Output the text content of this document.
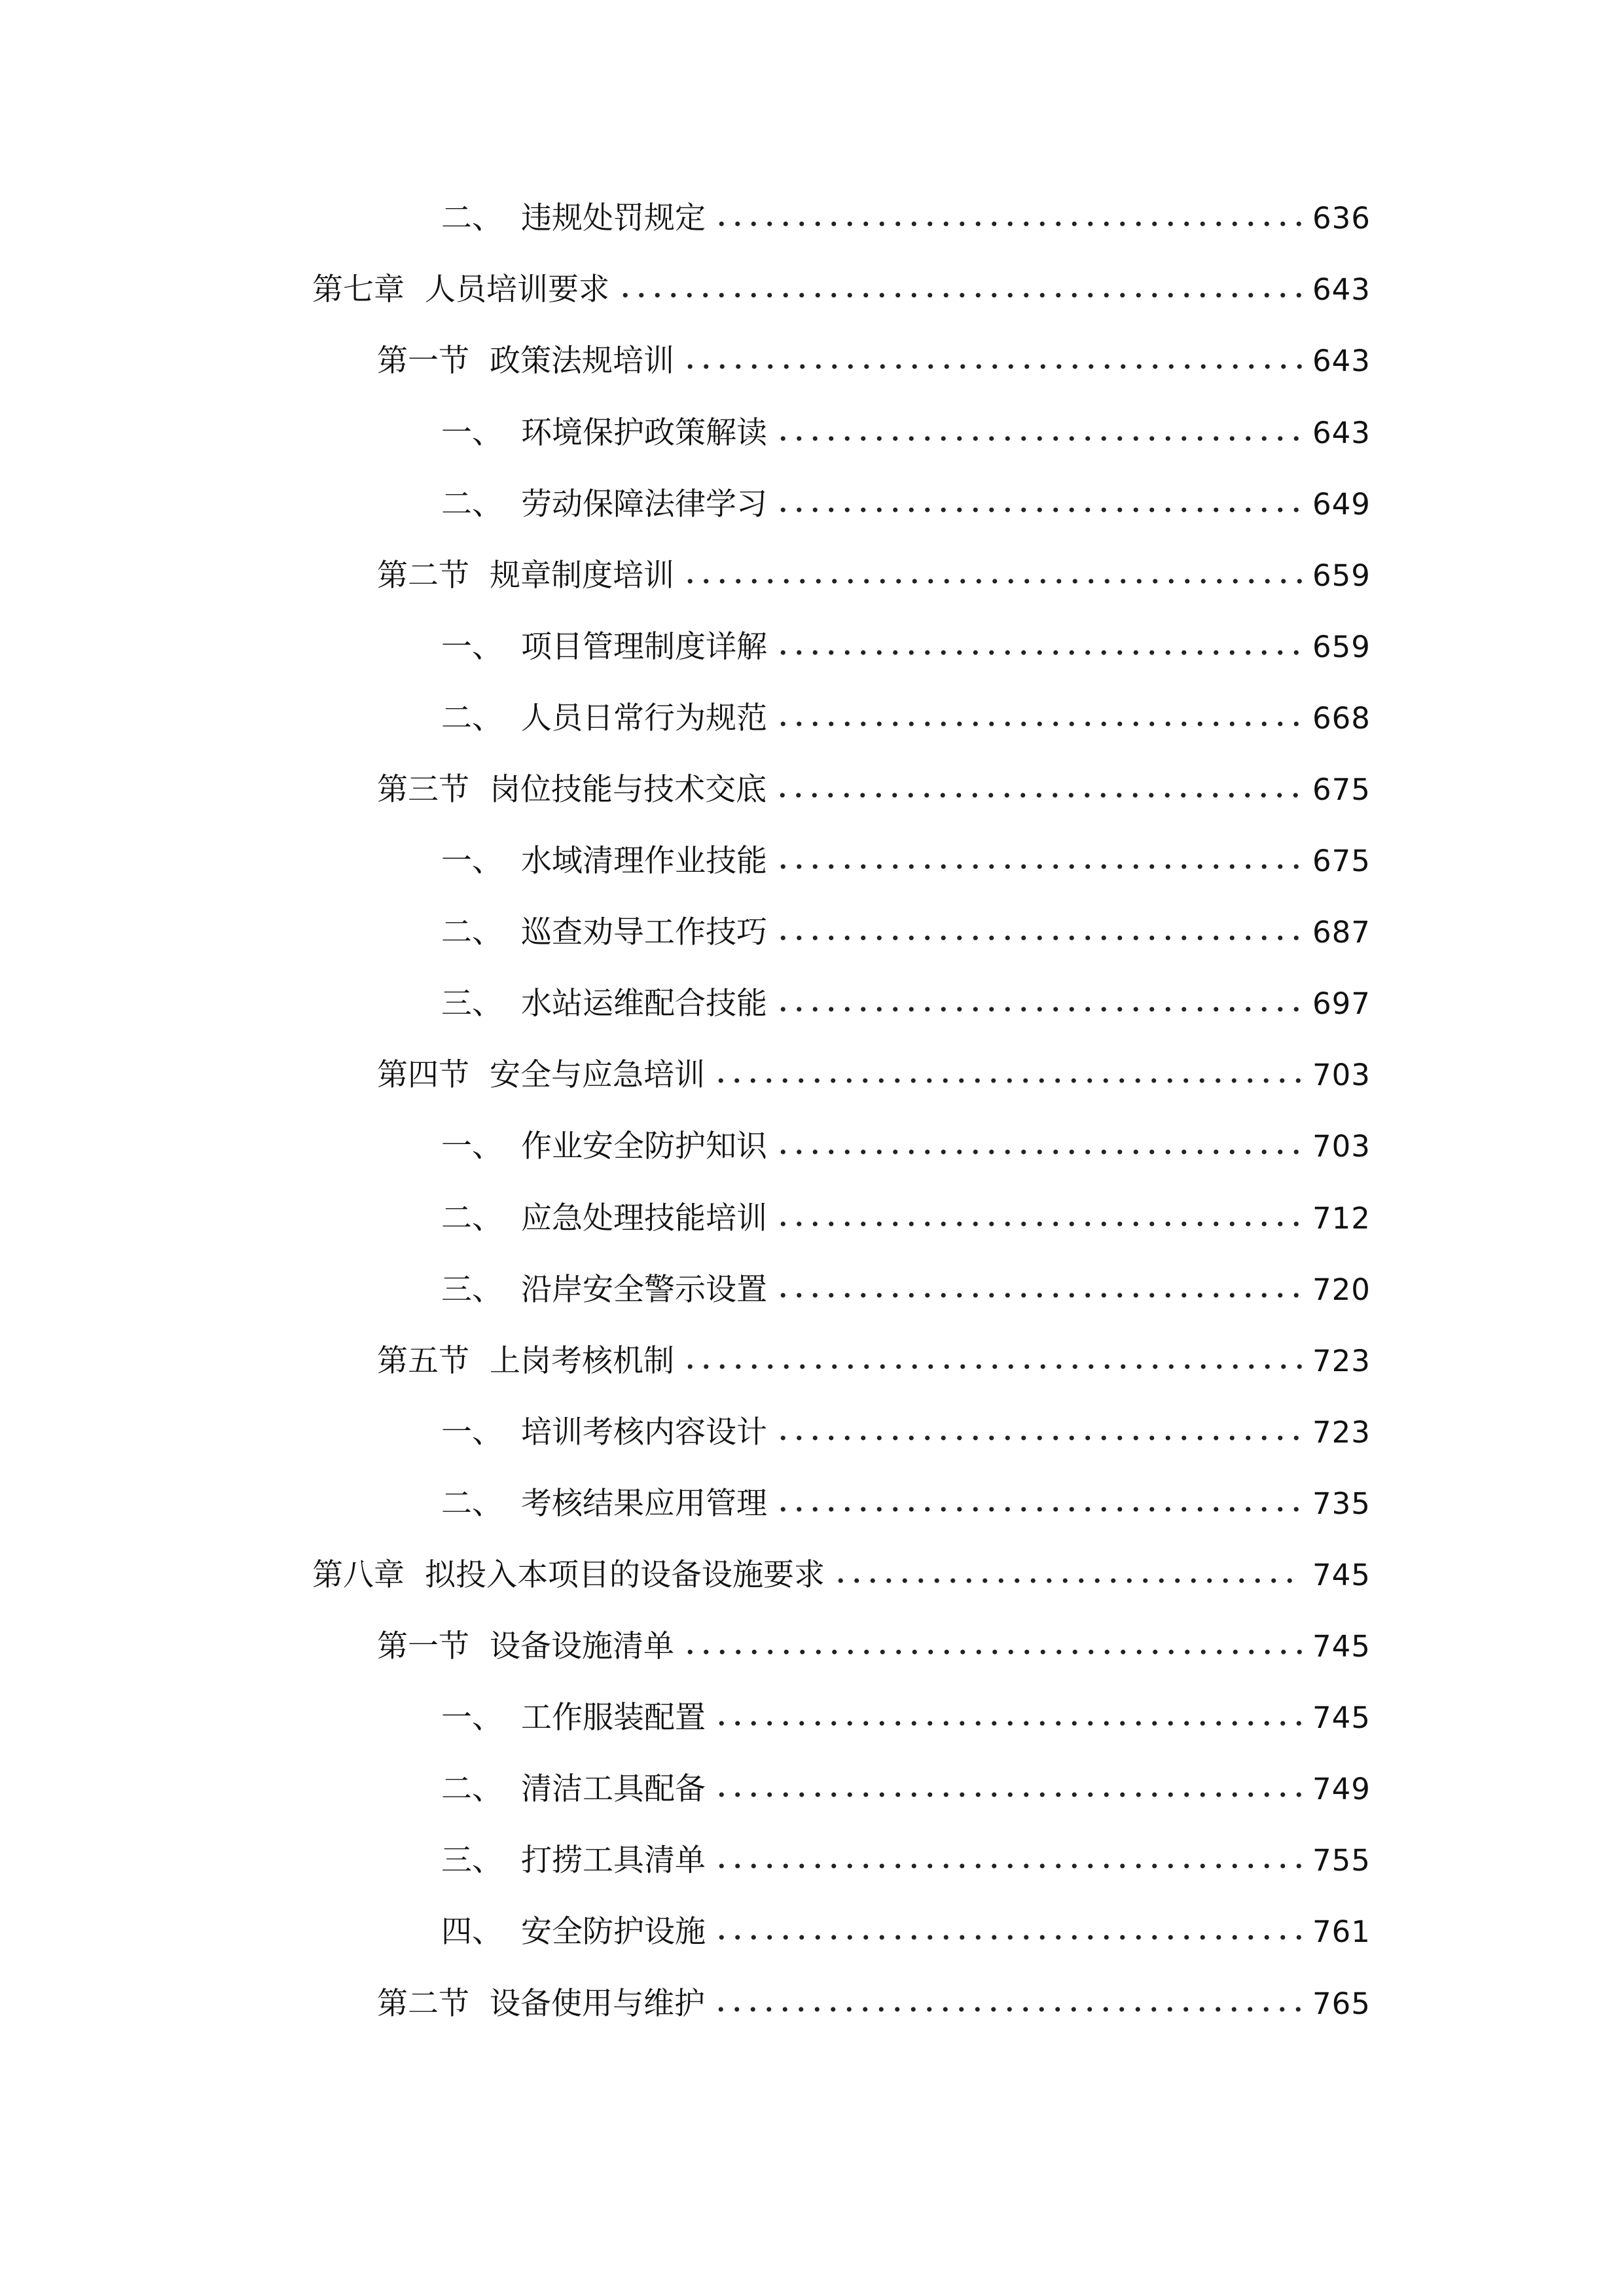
二、 违规处罚规定	636
第七章 人员培训要求	643
第一节 政策法规培训	643
一、 环境保护政策解读	643
二、 劳动保障法律学习	649
第二节 规章制度培训	659
一、 项目管理制度详解	659
二、 人员日常行为规范	668
第三节 岗位技能与技术交底	675
一、 水域清理作业技能	675
二、 巡查劝导工作技巧	687
三、 水站运维配合技能	697
第四节 安全与应急培训	703
一、 作业安全防护知识	703
二、 应急处理技能培训	712
三、 沿岸安全警示设置	720
第五节 上岗考核机制	723
一、 培训考核内容设计	723
二、 考核结果应用管理	735
第八章 拟投入本项目的设备设施要求	745
第一节 设备设施清单	745
一、 工作服装配置	745
二、 清洁工具配备	749
三、 打捞工具清单	755
四、 安全防护设施	761
第二节 设备使用与维护	765
